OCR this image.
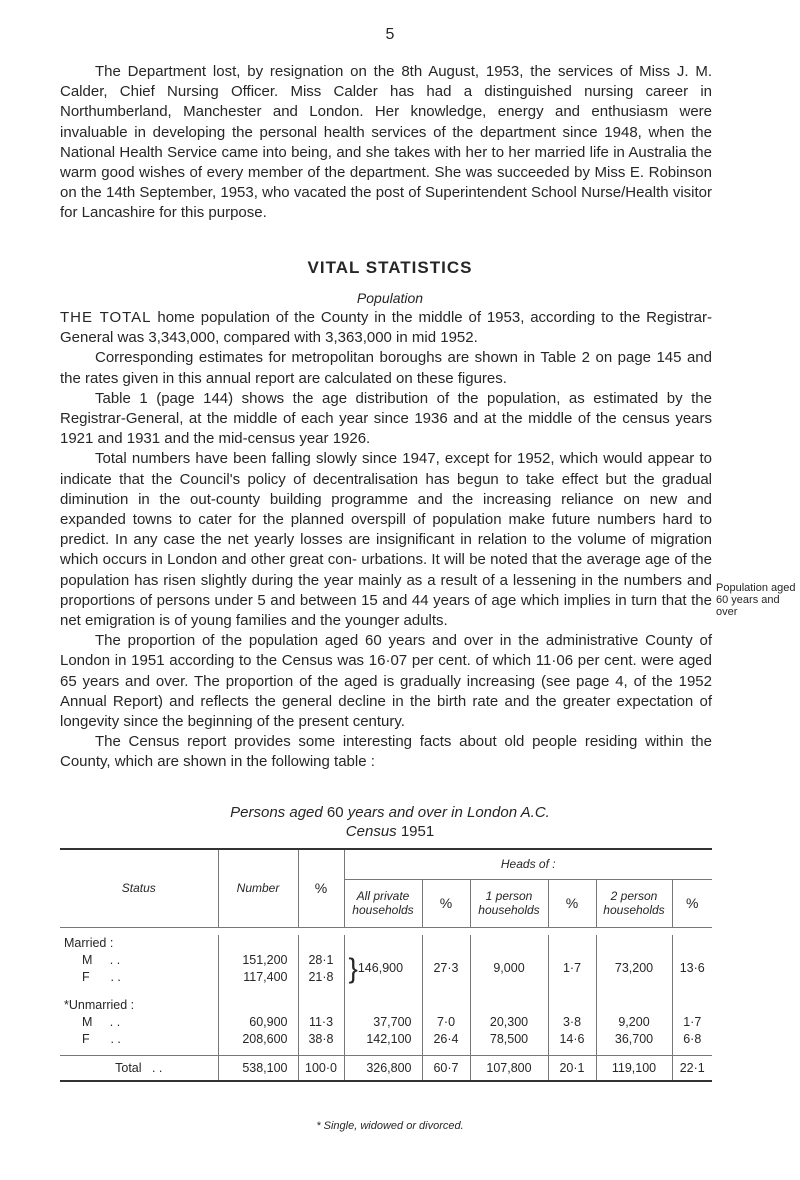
5

The Department lost, by resignation on the 8th August, 1953, the services of Miss J. M. Calder, Chief Nursing Officer. Miss Calder has had a distinguished nursing career in Northumberland, Manchester and London. Her knowledge, energy and enthusiasm were invaluable in developing the personal health services of the department since 1948, when the National Health Service came into being, and she takes with her to her married life in Australia the warm good wishes of every member of the department. She was succeeded by Miss E. Robinson on the 14th September, 1953, who vacated the post of Superintendent School Nurse/Health visitor for Lancashire for this purpose.

VITAL STATISTICS
Population

THE TOTAL home population of the County in the middle of 1953, according to the Registrar-General was 3,343,000, compared with 3,363,000 in mid 1952.

Corresponding estimates for metropolitan boroughs are shown in Table 2 on page 145 and the rates given in this annual report are calculated on these figures.

Table 1 (page 144) shows the age distribution of the population, as estimated by the Registrar-General, at the middle of each year since 1936 and at the middle of the census years 1921 and 1931 and the mid-census year 1926.

Total numbers have been falling slowly since 1947, except for 1952, which would appear to indicate that the Council's policy of decentralisation has begun to take effect but the gradual diminution in the out-county building programme and the increasing reliance on new and expanded towns to cater for the planned overspill of population make future numbers hard to predict. In any case the net yearly losses are insignificant in relation to the volume of migration which occurs in London and other great con- urbations. It will be noted that the average age of the population has risen slightly during the year mainly as a result of a lessening in the numbers and proportions of persons under 5 and between 15 and 44 years of age which implies in turn that the net emigration is of young families and the younger adults.

The proportion of the population aged 60 years and over in the administrative County of London in 1951 according to the Census was 16·07 per cent. of which 11·06 per cent. were aged 65 years and over. The proportion of the aged is gradually increasing (see page 4, of the 1952 Annual Report) and reflects the general decline in the birth rate and the greater expectation of longevity since the beginning of the present century.

The Census report provides some interesting facts about old people residing within the County, which are shown in the following table :

Population aged 60 years and over
Persons aged 60 years and over in London A.C.
Census 1951
Status	Number	%	Heads of :					
			All private households	%	1 person households	%	2 person households	%

Married :								
M . .	151,200	28·1	}146,900	27·3	9,000	1·7	73,200	13·6
F . .	117,400	21·8						

*Unmarried :								
M . .	60,900	11·3	37,700	7·0	20,300	3·8	9,200	1·7
F . .	208,600	38·8	142,100	26·4	78,500	14·6	36,700	6·8

Total . .	538,100	100·0	326,800	60·7	107,800	20·1	119,100	22·1
* Single, widowed or divorced.
